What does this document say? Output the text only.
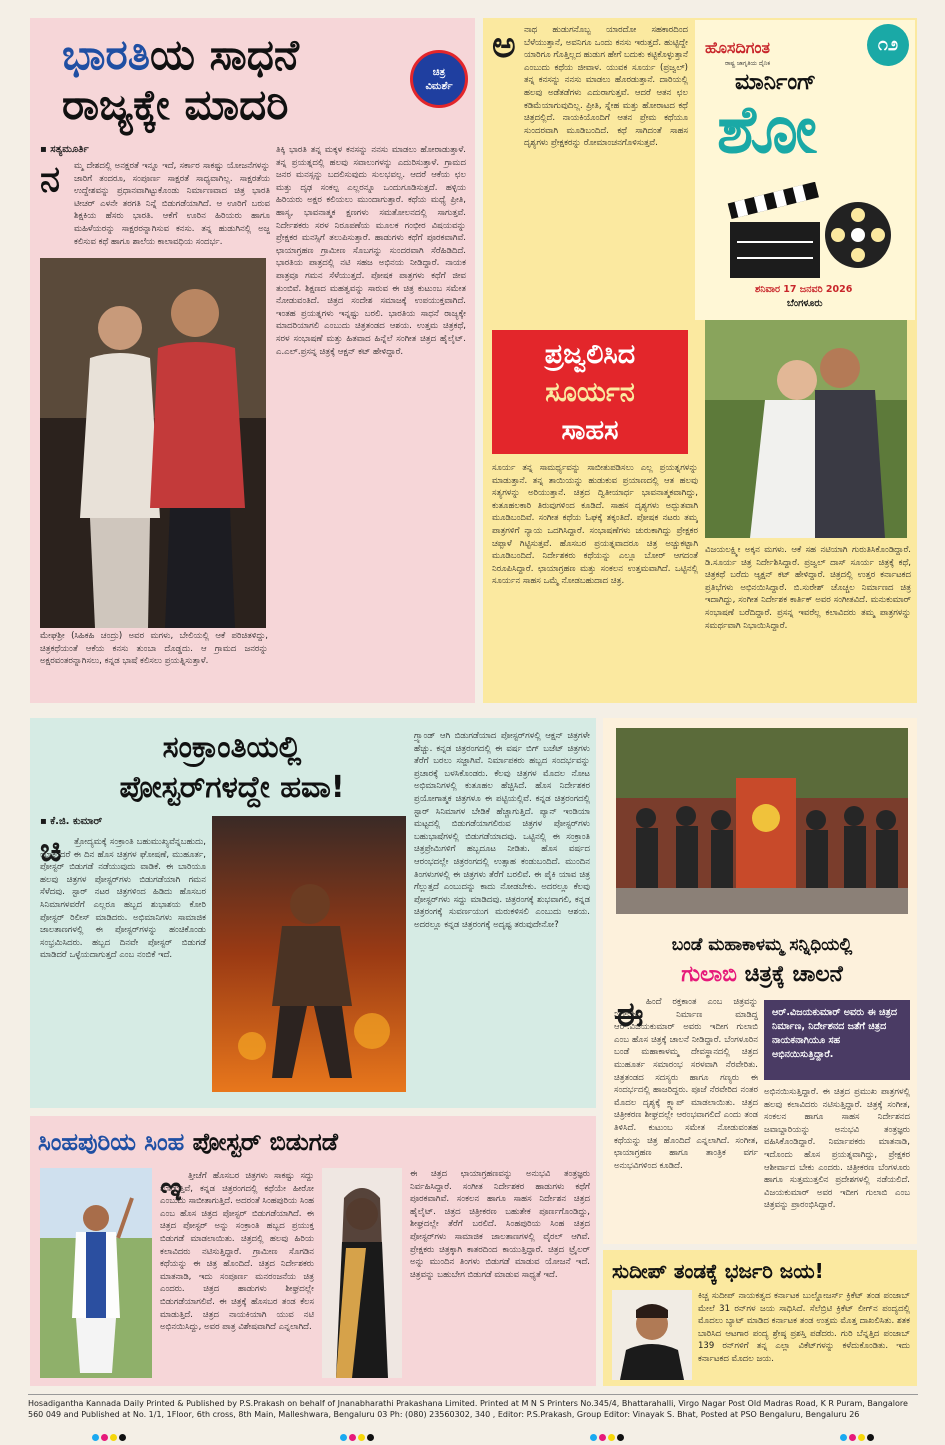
ಭಾರತಿಯ ಸಾಧನೆ
ರಾಜ್ಯಕ್ಕೇ ಮಾದರಿ
ಚಿತ್ರ
ವಿಮರ್ಶೆ
▪ ಸತ್ಯಮೂರ್ತಿ
ನ ಮ್ಮ ದೇಶದಲ್ಲಿ ಅನಕ್ಷರತೆ ಇನ್ನೂ ಇದೆ, ಸರ್ಕಾರ ಸಾಕಷ್ಟು ಯೋಜನೆಗಳನ್ನು ಜಾರಿಗೆ ತಂದರೂ, ಸಂಪೂರ್ಣ ಸಾಕ್ಷರತೆ ಸಾಧ್ಯವಾಗಿಲ್ಲ. ಸಾಕ್ಷರತೆಯ ಉದ್ದೇಶವನ್ನು ಪ್ರಧಾನವಾಗಿಟ್ಟುಕೊಂಡು ನಿರ್ಮಾಣವಾದ ಚಿತ್ರ ಭಾರತಿ ಟೀಚರ್ ಎಳನೇ ತರಗತಿ ನಿನ್ನೆ ಬಿಡುಗಡೆಯಾಗಿದೆ. ಆ ಊರಿಗೆ ಬರುವ ಶಿಕ್ಷಕಿಯ ಹೆಸರು ಭಾರತಿ. ಆಕೆಗೆ ಊರಿನ ಹಿರಿಯರು ಹಾಗೂ ಮಹಿಳೆಯರನ್ನು ಸಾಕ್ಷರರನ್ನಾಗಿಸುವ ಕನಸು. ತನ್ನ ಹುಡುಗಿನಲ್ಲಿ ಅಜ್ಜ ಕಲಿಸುವ ಕಥೆ ಹಾಗೂ ಶಾಲೆಯ ಕಾಲಾವಧಿಯ ಸಂದರ್ಭ.
ಮೇಘಶ್ರೀ (ಸಿಹಿಕಹಿ ಚಂದ್ರು) ಅವರ ಮಗಳು, ಬೇಲಿಯಲ್ಲಿ ಆಕೆ ಪರಿಚಿತಳಿದ್ದು, ಚಿತ್ರಕಥೆಯಂತೆ ಆಕೆಯ ಕನಸು ತುಂಬಾ ದೊಡ್ಡದು. ಆ ಗ್ರಾಮದ ಜನರನ್ನು ಅಕ್ಷರವಂತರನ್ನಾಗಿಸಲು, ಕನ್ನಡ ಭಾಷೆ ಕಲಿಸಲು ಪ್ರಯತ್ನಿಸುತ್ತಾಳೆ.
ತಿಕ್ಕಿ ಭಾರತಿ ತನ್ನ ಮಕ್ಕಳ ಕನಸನ್ನು ನನಸು ಮಾಡಲು ಹೋರಾಡುತ್ತಾಳೆ. ತನ್ನ ಪ್ರಯತ್ನದಲ್ಲಿ ಹಲವು ಸವಾಲುಗಳನ್ನು ಎದುರಿಸುತ್ತಾಳೆ. ಗ್ರಾಮದ ಜನರ ಮನಸ್ಸನ್ನು ಬದಲಿಸುವುದು ಸುಲಭವಲ್ಲ. ಆದರೆ ಆಕೆಯ ಛಲ ಮತ್ತು ದೃಢ ಸಂಕಲ್ಪ ಎಲ್ಲರನ್ನೂ ಒಂದುಗೂಡಿಸುತ್ತದೆ. ಹಳ್ಳಿಯ ಹಿರಿಯರು ಅಕ್ಷರ ಕಲಿಯಲು ಮುಂದಾಗುತ್ತಾರೆ. ಕಥೆಯ ಮಧ್ಯೆ ಪ್ರೀತಿ, ಹಾಸ್ಯ, ಭಾವನಾತ್ಮಕ ಕ್ಷಣಗಳು ಸಮತೋಲನದಲ್ಲಿ ಸಾಗುತ್ತವೆ. ನಿರ್ದೇಶಕರು ಸರಳ ನಿರೂಪಣೆಯ ಮೂಲಕ ಗಂಭೀರ ವಿಷಯವನ್ನು ಪ್ರೇಕ್ಷಕರ ಮನಸ್ಸಿಗೆ ತಲುಪಿಸುತ್ತಾರೆ. ಹಾಡುಗಳು ಕಥೆಗೆ ಪೂರಕವಾಗಿವೆ. ಛಾಯಾಗ್ರಹಣ ಗ್ರಾಮೀಣ ಸೊಬಗನ್ನು ಸುಂದರವಾಗಿ ಸೆರೆಹಿಡಿದಿದೆ. ಭಾರತಿಯ ಪಾತ್ರದಲ್ಲಿ ನಟಿ ಸಹಜ ಅಭಿನಯ ನೀಡಿದ್ದಾರೆ. ನಾಯಕ ಪಾತ್ರವೂ ಗಮನ ಸೆಳೆಯುತ್ತದೆ. ಪೋಷಕ ಪಾತ್ರಗಳು ಕಥೆಗೆ ಜೀವ ತುಂಬಿವೆ. ಶಿಕ್ಷಣದ ಮಹತ್ವವನ್ನು ಸಾರುವ ಈ ಚಿತ್ರ ಕುಟುಂಬ ಸಮೇತ ನೋಡುವಂತಿದೆ. ಚಿತ್ರದ ಸಂದೇಶ ಸಮಾಜಕ್ಕೆ ಉಪಯುಕ್ತವಾಗಿದೆ. ಇಂತಹ ಪ್ರಯತ್ನಗಳು ಇನ್ನಷ್ಟು ಬರಲಿ. ಭಾರತಿಯ ಸಾಧನೆ ರಾಜ್ಯಕ್ಕೇ ಮಾದರಿಯಾಗಲಿ ಎಂಬುದು ಚಿತ್ರತಂಡದ ಆಶಯ. ಉತ್ತಮ ಚಿತ್ರಕಥೆ, ಸರಳ ಸಂಭಾಷಣೆ ಮತ್ತು ಹಿತವಾದ ಹಿನ್ನೆಲೆ ಸಂಗೀತ ಚಿತ್ರದ ಹೈಲೈಟ್. ಎ.ಎಲ್.ಪ್ರಸನ್ನ ಚಿತ್ರಕ್ಕೆ ಆಕ್ಷನ್ ಕಟ್ ಹೇಳಿದ್ದಾರೆ.
ಅ ನಾಥ ಹುಡುಗನೊಬ್ಬ ಯಾರದೋ ಸಹಕಾರದಿಂದ ಬೆಳೆಯುತ್ತಾನೆ, ಅವನಿಗೂ ಒಂದು ಕನಸು ಇರುತ್ತದೆ. ಹುಟ್ಟಿದ್ದೇ ಯಾರಿಗೂ ಗೊತ್ತಿಲ್ಲದ ಹುಡುಗ ಹೇಗೆ ಬದುಕು ಕಟ್ಟಿಕೊಳ್ಳುತ್ತಾನೆ ಎಂಬುದು ಕಥೆಯ ಜೀವಾಳ. ಯುವಕ ಸೂರ್ಯ (ಪ್ರಜ್ವಲ್) ತನ್ನ ಕನಸನ್ನು ನನಸು ಮಾಡಲು ಹೊರಡುತ್ತಾನೆ. ದಾರಿಯಲ್ಲಿ ಹಲವು ಅಡೆತಡೆಗಳು ಎದುರಾಗುತ್ತವೆ. ಆದರೆ ಆತನ ಛಲ ಕಡಿಮೆಯಾಗುವುದಿಲ್ಲ. ಪ್ರೀತಿ, ಸ್ನೇಹ ಮತ್ತು ಹೋರಾಟದ ಕಥೆ ಚಿತ್ರದಲ್ಲಿದೆ. ನಾಯಕಿಯೊಂದಿಗೆ ಆತನ ಪ್ರೇಮ ಕಥೆಯೂ ಸುಂದರವಾಗಿ ಮೂಡಿಬಂದಿದೆ. ಕಥೆ ಸಾಗಿದಂತೆ ಸಾಹಸ ದೃಶ್ಯಗಳು ಪ್ರೇಕ್ಷಕರನ್ನು ರೋಮಾಂಚನಗೊಳಿಸುತ್ತವೆ.
ಹೊಸದಿಗಂತ
ರಾಷ್ಟ್ರ ಜಾಗೃತಿಯ ದೈನಿಕ
೧೨
ಮಾರ್ನಿಂಗ್
ಶೋ
ಶನಿವಾರ 17 ಜನವರಿ 2026
ಬೆಂಗಳೂರು
ಪ್ರಜ್ವಲಿಸಿದ
ಸೂರ್ಯನ
ಸಾಹಸ
ಸೂರ್ಯ ತನ್ನ ಸಾಮರ್ಥ್ಯವನ್ನು ಸಾಬೀತುಪಡಿಸಲು ಎಲ್ಲ ಪ್ರಯತ್ನಗಳನ್ನು ಮಾಡುತ್ತಾನೆ. ತನ್ನ ತಾಯಿಯನ್ನು ಹುಡುಕುವ ಪ್ರಯಾಣದಲ್ಲಿ ಆತ ಹಲವು ಸತ್ಯಗಳನ್ನು ಅರಿಯುತ್ತಾನೆ. ಚಿತ್ರದ ದ್ವಿತೀಯಾರ್ಧ ಭಾವನಾತ್ಮಕವಾಗಿದ್ದು, ಕುತೂಹಲಕಾರಿ ತಿರುವುಗಳಿಂದ ಕೂಡಿದೆ. ಸಾಹಸ ದೃಶ್ಯಗಳು ಅದ್ಭುತವಾಗಿ ಮೂಡಿಬಂದಿವೆ. ಸಂಗೀತ ಕಥೆಯ ಓಘಕ್ಕೆ ತಕ್ಕಂತಿದೆ. ಪೋಷಕ ನಟರು ತಮ್ಮ ಪಾತ್ರಗಳಿಗೆ ನ್ಯಾಯ ಒದಗಿಸಿದ್ದಾರೆ. ಸಂಭಾಷಣೆಗಳು ಚುರುಕಾಗಿದ್ದು ಪ್ರೇಕ್ಷಕರ ಚಪ್ಪಾಳೆ ಗಿಟ್ಟಿಸುತ್ತವೆ. ಹೊಸಬರ ಪ್ರಯತ್ನವಾದರೂ ಚಿತ್ರ ಅಚ್ಚುಕಟ್ಟಾಗಿ ಮೂಡಿಬಂದಿದೆ. ನಿರ್ದೇಶಕರು ಕಥೆಯನ್ನು ಎಲ್ಲೂ ಬೋರ್ ಆಗದಂತೆ ನಿರೂಪಿಸಿದ್ದಾರೆ. ಛಾಯಾಗ್ರಹಣ ಮತ್ತು ಸಂಕಲನ ಉತ್ತಮವಾಗಿದೆ. ಒಟ್ಟಿನಲ್ಲಿ ಸೂರ್ಯನ ಸಾಹಸ ಒಮ್ಮೆ ನೋಡಬಹುದಾದ ಚಿತ್ರ.
ವಿಜಯಲಕ್ಷ್ಮೀ ಅಕ್ಕನ ಮಗಳು. ಆಕೆ ಸಹ ನಟಿಯಾಗಿ ಗುರುತಿಸಿಕೊಂಡಿದ್ದಾರೆ. ಡಿ.ಸೂರ್ಯ ಚಿತ್ರ ನಿರ್ದೇಶಿಸಿದ್ದಾರೆ. ಪ್ರಜ್ವಲ್ ದಾಸ್ ಸೂರ್ಯ ಚಿತ್ರಕ್ಕೆ ಕಥೆ, ಚಿತ್ರಕಥೆ ಬರೆದು ಆ್ಯಕ್ಷನ್ ಕಟ್ ಹೇಳಿದ್ದಾರೆ. ಚಿತ್ರದಲ್ಲಿ ಉತ್ತರ ಕರ್ನಾಟಕದ ಪ್ರತಿಭೆಗಳು ಅಭಿನಯಿಸಿದ್ದಾರೆ. ಬಿ.ಸುರೇಶ್ ಚೊಚ್ಚಲ ನಿರ್ಮಾಣದ ಚಿತ್ರ ಇದಾಗಿದ್ದು, ಸಂಗೀತ ನಿರ್ದೇಶಕ ಕಾರ್ತಿಕ್ ಅವರ ಸಂಗೀತವಿದೆ. ಮನುಕುಮಾರ್ ಸಂಭಾಷಣೆ ಬರೆದಿದ್ದಾರೆ. ಪ್ರಸನ್ನ ಇವರೆಲ್ಲ ಕಲಾವಿದರು ತಮ್ಮ ಪಾತ್ರಗಳನ್ನು ಸಮರ್ಥವಾಗಿ ನಿಭಾಯಿಸಿದ್ದಾರೆ.
ಸಂಕ್ರಾಂತಿಯಲ್ಲಿ
ಪೋಸ್ಟರ್‌ಗಳದ್ದೇ ಹವಾ!
▪ ಕೆ.ಜಿ. ಕುಮಾರ್
ಚಿ	ತ್ರೋದ್ಯಮಕ್ಕೆ ಸಂಕ್ರಾಂತಿ ಬಹುಮುಖ್ಯವೆನ್ನಬಹುದು, ಯಾಕೆಂದರೆ ಈ ದಿನ ಹೊಸ ಚಿತ್ರಗಳ ಘೋಷಣೆ, ಮುಹೂರ್ತ, ಪೋಸ್ಟರ್ ಬಿಡುಗಡೆ ನಡೆಯುವುದು ವಾಡಿಕೆ. ಈ ಬಾರಿಯೂ ಹಲವು ಚಿತ್ರಗಳ ಪೋಸ್ಟರ್‌ಗಳು ಬಿಡುಗಡೆಯಾಗಿ ಗಮನ ಸೆಳೆದವು. ಸ್ಟಾರ್ ನಟರ ಚಿತ್ರಗಳಿಂದ ಹಿಡಿದು ಹೊಸಬರ ಸಿನಿಮಾಗಳವರೆಗೆ ಎಲ್ಲರೂ ಹಬ್ಬದ ಶುಭಾಶಯ ಕೋರಿ ಪೋಸ್ಟರ್ ರಿಲೀಸ್ ಮಾಡಿದರು. ಅಭಿಮಾನಿಗಳು ಸಾಮಾಜಿಕ ಜಾಲತಾಣಗಳಲ್ಲಿ ಈ ಪೋಸ್ಟರ್‌ಗಳನ್ನು ಹಂಚಿಕೊಂಡು ಸಂಭ್ರಮಿಸಿದರು. ಹಬ್ಬದ ದಿನವೇ ಪೋಸ್ಟರ್ ಬಿಡುಗಡೆ ಮಾಡಿದರೆ ಒಳ್ಳೆಯದಾಗುತ್ತದೆ ಎಂಬ ನಂಬಿಕೆ ಇದೆ.
ಗ್ರ್ಯಾಂಡ್ ಆಗಿ ಬಿಡುಗಡೆಯಾದ ಪೋಸ್ಟರ್‌ಗಳಲ್ಲಿ ಆಕ್ಷನ್ ಚಿತ್ರಗಳೇ ಹೆಚ್ಚು. ಕನ್ನಡ ಚಿತ್ರರಂಗದಲ್ಲಿ ಈ ವರ್ಷ ಬಿಗ್ ಬಜೆಟ್ ಚಿತ್ರಗಳು ತೆರೆಗೆ ಬರಲು ಸಜ್ಜಾಗಿವೆ. ನಿರ್ಮಾಪಕರು ಹಬ್ಬದ ಸಂದರ್ಭವನ್ನು ಪ್ರಚಾರಕ್ಕೆ ಬಳಸಿಕೊಂಡರು. ಕೆಲವು ಚಿತ್ರಗಳ ಮೊದಲ ನೋಟ ಅಭಿಮಾನಿಗಳಲ್ಲಿ ಕುತೂಹಲ ಹೆಚ್ಚಿಸಿದೆ. ಹೊಸ ನಿರ್ದೇಶಕರ ಪ್ರಯೋಗಾತ್ಮಕ ಚಿತ್ರಗಳೂ ಈ ಪಟ್ಟಿಯಲ್ಲಿವೆ. ಕನ್ನಡ ಚಿತ್ರರಂಗದಲ್ಲಿ ಸ್ಟಾರ್ ಸಿನಿಮಾಗಳ ಬೇಡಿಕೆ ಹೆಚ್ಚಾಗುತ್ತಿದೆ. ಪ್ಯಾನ್ ಇಂಡಿಯಾ ಮಟ್ಟದಲ್ಲಿ ಬಿಡುಗಡೆಯಾಗಲಿರುವ ಚಿತ್ರಗಳ ಪೋಸ್ಟರ್‌ಗಳು ಬಹುಭಾಷೆಗಳಲ್ಲಿ ಬಿಡುಗಡೆಯಾದವು. ಒಟ್ಟಿನಲ್ಲಿ ಈ ಸಂಕ್ರಾಂತಿ ಚಿತ್ರಪ್ರೇಮಿಗಳಿಗೆ ಹಬ್ಬದೂಟ ನೀಡಿತು. ಹೊಸ ವರ್ಷದ ಆರಂಭದಲ್ಲೇ ಚಿತ್ರರಂಗದಲ್ಲಿ ಉತ್ಸಾಹ ಕಂಡುಬಂದಿದೆ. ಮುಂದಿನ ತಿಂಗಳುಗಳಲ್ಲಿ ಈ ಚಿತ್ರಗಳು ತೆರೆಗೆ ಬರಲಿವೆ. ಈ ಪೈಕಿ ಯಾವ ಚಿತ್ರ ಗೆಲ್ಲುತ್ತದೆ ಎಂಬುದನ್ನು ಕಾದು ನೋಡಬೇಕು. ಅದರಲ್ಲೂ ಕೆಲವು ಪೋಸ್ಟರ್‌ಗಳು ಸದ್ದು ಮಾಡಿದವು. ಚಿತ್ರರಂಗಕ್ಕೆ ಶುಭವಾಗಲಿ, ಕನ್ನಡ ಚಿತ್ರರಂಗಕ್ಕೆ ಸುವರ್ಣಯುಗ ಮರುಕಳಿಸಲಿ ಎಂಬುದು ಆಶಯ. ಅದರಲ್ಲೂ ಕನ್ನಡ ಚಿತ್ರರಂಗಕ್ಕೆ ಅದೃಷ್ಟ ತರುವುದೇನೋ?
ಬಂಡೆ ಮಹಾಕಾಳಮ್ಮ ಸನ್ನಿಧಿಯಲ್ಲಿ
ಗುಲಾಬಿ ಚಿತ್ರಕ್ಕೆ ಚಾಲನೆ
ಈ ಹಿಂದೆ ರಕ್ತಕಾಂತ ಎಂಬ ಚಿತ್ರವನ್ನು ನಿರ್ದೇಶಿಸಿ, ನಿರ್ಮಾಣ ಮಾಡಿದ್ದ ಆರ್.ವಿಜಯಕುಮಾರ್ ಅವರು ಇದೀಗ ಗುಲಾಬಿ ಎಂಬ ಹೊಸ ಚಿತ್ರಕ್ಕೆ ಚಾಲನೆ ನೀಡಿದ್ದಾರೆ. ಬೆಂಗಳೂರಿನ ಬಂಡೆ ಮಹಾಕಾಳಮ್ಮ ದೇವಸ್ಥಾನದಲ್ಲಿ ಚಿತ್ರದ ಮುಹೂರ್ತ ಸಮಾರಂಭ ಸರಳವಾಗಿ ನೆರವೇರಿತು. ಚಿತ್ರತಂಡದ ಸದಸ್ಯರು ಹಾಗೂ ಗಣ್ಯರು ಈ ಸಂದರ್ಭದಲ್ಲಿ ಹಾಜರಿದ್ದರು. ಪೂಜೆ ನೆರವೇರಿದ ನಂತರ ಮೊದಲ ದೃಶ್ಯಕ್ಕೆ ಕ್ಲ್ಯಾಪ್ ಮಾಡಲಾಯಿತು. ಚಿತ್ರದ ಚಿತ್ರೀಕರಣ ಶೀಘ್ರದಲ್ಲೇ ಆರಂಭವಾಗಲಿದೆ ಎಂದು ತಂಡ ತಿಳಿಸಿದೆ. ಕುಟುಂಬ ಸಮೇತ ನೋಡುವಂತಹ ಕಥೆಯನ್ನು ಚಿತ್ರ ಹೊಂದಿದೆ ಎನ್ನಲಾಗಿದೆ. ಸಂಗೀತ, ಛಾಯಾಗ್ರಹಣ ಹಾಗೂ ತಾಂತ್ರಿಕ ವರ್ಗ ಅನುಭವಿಗಳಿಂದ ಕೂಡಿದೆ.
ಆರ್.ವಿಜಯಕುಮಾರ್ ಅವರು ಈ ಚಿತ್ರದ ನಿರ್ಮಾಣ, ನಿರ್ದೇಶನದ ಜತೆಗೆ ಚಿತ್ರದ ನಾಯಕನಾಗಿಯೂ ಸಹ ಅಭಿನಯಿಸುತ್ತಿದ್ದಾರೆ.
ಅಭಿನಯಿಸುತ್ತಿದ್ದಾರೆ. ಈ ಚಿತ್ರದ ಪ್ರಮುಖ ಪಾತ್ರಗಳಲ್ಲಿ ಹಲವು ಕಲಾವಿದರು ನಟಿಸುತ್ತಿದ್ದಾರೆ. ಚಿತ್ರಕ್ಕೆ ಸಂಗೀತ, ಸಂಕಲನ ಹಾಗೂ ಸಾಹಸ ನಿರ್ದೇಶನದ ಜವಾಬ್ದಾರಿಯನ್ನು ಅನುಭವಿ ತಂತ್ರಜ್ಞರು ವಹಿಸಿಕೊಂಡಿದ್ದಾರೆ. ನಿರ್ಮಾಪಕರು ಮಾತನಾಡಿ, ಇದೊಂದು ಹೊಸ ಪ್ರಯತ್ನವಾಗಿದ್ದು, ಪ್ರೇಕ್ಷಕರ ಆಶೀರ್ವಾದ ಬೇಕು ಎಂದರು. ಚಿತ್ರೀಕರಣ ಬೆಂಗಳೂರು ಹಾಗೂ ಸುತ್ತಮುತ್ತಲಿನ ಪ್ರದೇಶಗಳಲ್ಲಿ ನಡೆಯಲಿದೆ. ವಿಜಯಕುಮಾರ್ ಅವರ ಇದೀಗ ಗುಲಾಬಿ ಎಂಬ ಚಿತ್ರವನ್ನು ಪ್ರಾರಂಭಿಸಿದ್ದಾರೆ.
ಸಿಂಹಪುರಿಯ ಸಿಂಹ ಪೋಸ್ಟರ್ ಬಿಡುಗಡೆ
ಇ ತ್ತೀಚೆಗೆ ಹೊಸಬರ ಚಿತ್ರಗಳು ಸಾಕಷ್ಟು ಸದ್ದು ಮಾಡುತ್ತಿವೆ, ಕನ್ನಡ ಚಿತ್ರರಂಗದಲ್ಲಿ ಕಥೆಯೇ ಹೀರೋ ಎಂಬುದು ಸಾಬೀತಾಗುತ್ತಿದೆ. ಅದರಂತೆ ಸಿಂಹಪುರಿಯ ಸಿಂಹ ಎಂಬ ಹೊಸ ಚಿತ್ರದ ಪೋಸ್ಟರ್ ಬಿಡುಗಡೆಯಾಗಿದೆ. ಈ ಚಿತ್ರದ ಪೋಸ್ಟರ್ ಅನ್ನು ಸಂಕ್ರಾಂತಿ ಹಬ್ಬದ ಪ್ರಯುಕ್ತ ಬಿಡುಗಡೆ ಮಾಡಲಾಯಿತು. ಚಿತ್ರದಲ್ಲಿ ಹಲವು ಹಿರಿಯ ಕಲಾವಿದರು ನಟಿಸುತ್ತಿದ್ದಾರೆ. ಗ್ರಾಮೀಣ ಸೊಗಡಿನ ಕಥೆಯನ್ನು ಈ ಚಿತ್ರ ಹೊಂದಿದೆ. ಚಿತ್ರದ ನಿರ್ದೇಶಕರು ಮಾತನಾಡಿ, ಇದು ಸಂಪೂರ್ಣ ಮನರಂಜನೆಯ ಚಿತ್ರ ಎಂದರು. ಚಿತ್ರದ ಹಾಡುಗಳು ಶೀಘ್ರದಲ್ಲೇ ಬಿಡುಗಡೆಯಾಗಲಿವೆ. ಈ ಚಿತ್ರಕ್ಕೆ ಹೊಸಬರ ತಂಡ ಕೆಲಸ ಮಾಡುತ್ತಿದೆ. ಚಿತ್ರದ ನಾಯಕಿಯಾಗಿ ಯುವ ನಟಿ ಅಭಿನಯಿಸಿದ್ದು, ಅವರ ಪಾತ್ರ ವಿಶೇಷವಾಗಿದೆ ಎನ್ನಲಾಗಿದೆ.
ಈ ಚಿತ್ರದ ಛಾಯಾಗ್ರಹಣವನ್ನು ಅನುಭವಿ ತಂತ್ರಜ್ಞರು ನಿರ್ವಹಿಸಿದ್ದಾರೆ. ಸಂಗೀತ ನಿರ್ದೇಶಕರ ಹಾಡುಗಳು ಕಥೆಗೆ ಪೂರಕವಾಗಿವೆ. ಸಂಕಲನ ಹಾಗೂ ಸಾಹಸ ನಿರ್ದೇಶನ ಚಿತ್ರದ ಹೈಲೈಟ್. ಚಿತ್ರದ ಚಿತ್ರೀಕರಣ ಬಹುತೇಕ ಪೂರ್ಣಗೊಂಡಿದ್ದು, ಶೀಘ್ರದಲ್ಲೇ ತೆರೆಗೆ ಬರಲಿದೆ. ಸಿಂಹಪುರಿಯ ಸಿಂಹ ಚಿತ್ರದ ಪೋಸ್ಟರ್‌ಗಳು ಸಾಮಾಜಿಕ ಜಾಲತಾಣಗಳಲ್ಲಿ ವೈರಲ್ ಆಗಿವೆ. ಪ್ರೇಕ್ಷಕರು ಚಿತ್ರಕ್ಕಾಗಿ ಕಾತರದಿಂದ ಕಾಯುತ್ತಿದ್ದಾರೆ. ಚಿತ್ರದ ಟ್ರೈಲರ್ ಅನ್ನು ಮುಂದಿನ ತಿಂಗಳು ಬಿಡುಗಡೆ ಮಾಡುವ ಯೋಜನೆ ಇದೆ. ಚಿತ್ರವನ್ನು ಬಹುಬೇಗ ಬಿಡುಗಡೆ ಮಾಡುವ ಸಾಧ್ಯತೆ ಇದೆ.	ಸುದೀಪ್ ತಂಡಕ್ಕೆ ಭರ್ಜರಿ ಜಯ!
ಕಿಚ್ಚ ಸುದೀಪ್ ನಾಯಕತ್ವದ ಕರ್ನಾಟಕ ಬುಲ್ಡೋಜರ್ಸ್ ಕ್ರಿಕೆಟ್ ತಂಡ ಪಂಜಾಬ್ ಮೇಲೆ 31 ರನ್‌ಗಳ ಜಯ ಸಾಧಿಸಿದೆ. ಸೆಲೆಬ್ರಿಟಿ ಕ್ರಿಕೆಟ್ ಲೀಗ್‌ನ ಪಂದ್ಯದಲ್ಲಿ ಮೊದಲು ಬ್ಯಾಟ್ ಮಾಡಿದ ಕರ್ನಾಟಕ ತಂಡ ಉತ್ತಮ ಮೊತ್ತ ದಾಖಲಿಸಿತು. ಶತಕ ಬಾರಿಸಿದ ಆಟಗಾರ ಪಂದ್ಯ ಶ್ರೇಷ್ಠ ಪ್ರಶಸ್ತಿ ಪಡೆದರು. ಗುರಿ ಬೆನ್ನತ್ತಿದ ಪಂಜಾಬ್ 139 ರನ್‌ಗಳಿಗೆ ತನ್ನ ಎಲ್ಲಾ ವಿಕೆಟ್‌ಗಳನ್ನು ಕಳೆದುಕೊಂಡಿತು. ಇದು ಕರ್ನಾಟಕದ ಮೊದಲ ಜಯ.
Hosadigantha Kannada Daily Printed & Published by P.S.Prakash on behalf of Jnanabharathi Prakashana Limited. Printed at M N S Printers No.345/4, Bhattarahalli, Virgo Nagar Post Old Madras Road, K R Puram, Bangalore 560 049 and Published at No. 1/1, 1Floor, 6th cross, 8th Main, Malleshwara, Bengaluru 03 Ph: (080) 23560302, 340 , Editor: P.S.Prakash, Group Editor: Vinayak S. Bhat, Posted at PSO Bengaluru, Bengaluru 26
